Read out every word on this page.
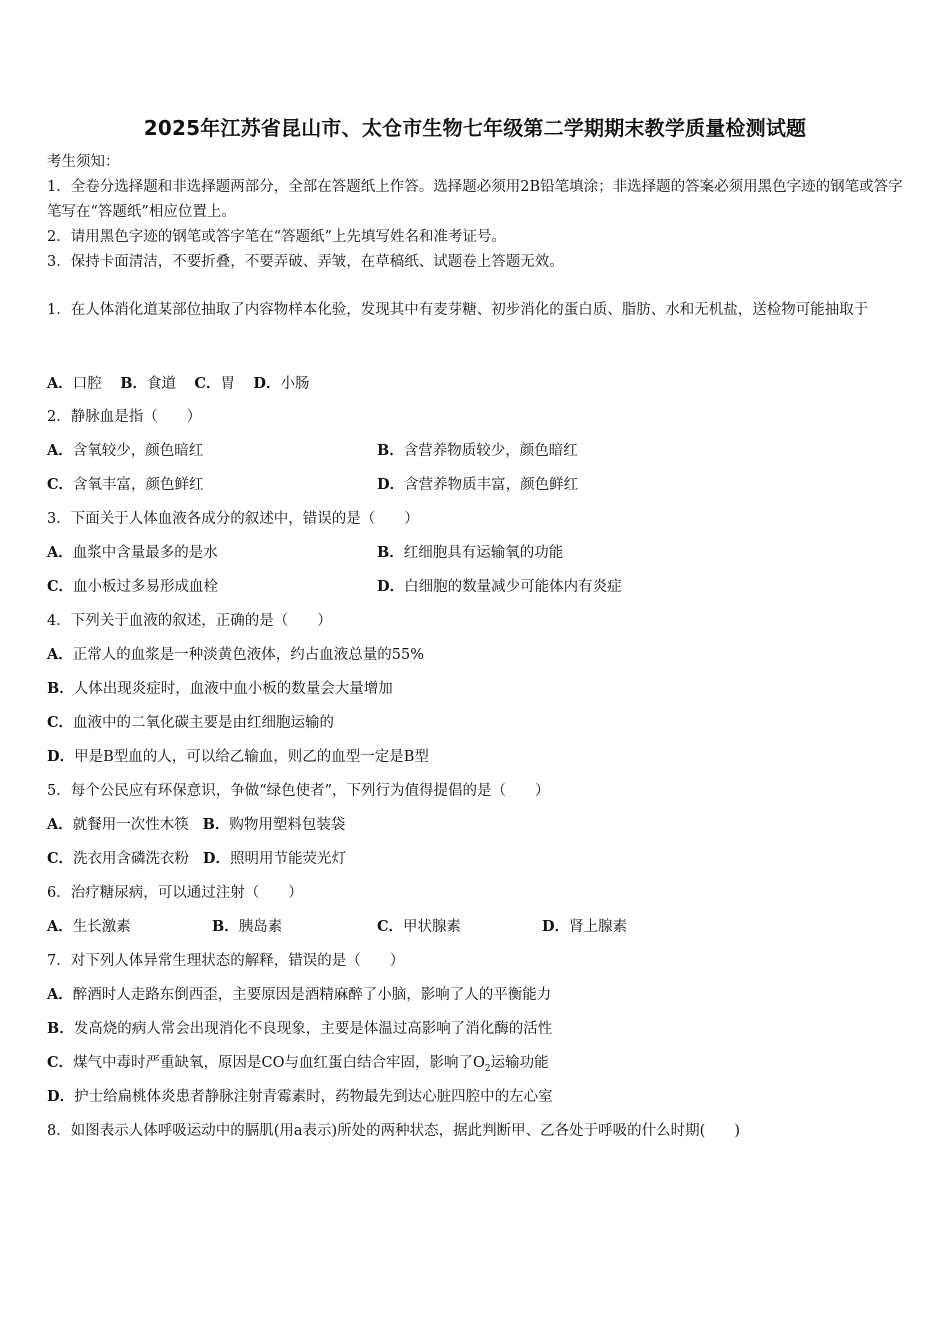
2025年江苏省昆山市、太仓市生物七年级第二学期期末教学质量检测试题
考生须知：
1．全卷分选择题和非选择题两部分，全部在答题纸上作答。选择题必须用2B铅笔填涂；非选择题的答案必须用黑色字迹的钢笔或答字笔写在“答题纸”相应位置上。
2．请用黑色字迹的钢笔或答字笔在“答题纸”上先填写姓名和准考证号。
3．保持卡面清洁，不要折叠，不要弄破、弄皱，在草稿纸、试题卷上答题无效。
1．在人体消化道某部位抽取了内容物样本化验，发现其中有麦芽糖、初步消化的蛋白质、脂肪、水和无机盐，送检物可能抽取于
A．口腔 B．食道 C．胃 D．小肠
2．静脉血是指（　　）
A．含氧较少，颜色暗红	B．含营养物质较少，颜色暗红
C．含氧丰富，颜色鲜红	D．含营养物质丰富，颜色鲜红
3．下面关于人体血液各成分的叙述中，错误的是（　　）
A．血浆中含量最多的是水	B．红细胞具有运输氧的功能
C．血小板过多易形成血栓	D．白细胞的数量减少可能体内有炎症
4．下列关于血液的叙述，正确的是（　　）
A．正常人的血浆是一种淡黄色液体，约占血液总量的55%
B．人体出现炎症时，血液中血小板的数量会大量增加
C．血液中的二氧化碳主要是由红细胞运输的
D．甲是B型血的人，可以给乙输血，则乙的血型一定是B型
5．每个公民应有环保意识，争做“绿色使者”，下列行为值得提倡的是（　　）
A．就餐用一次性木筷 B．购物用塑料包装袋
C．洗衣用含磷洗衣粉 D．照明用节能荧光灯
6．治疗糖尿病，可以通过注射（　　）
A．生长激素	B．胰岛素	C．甲状腺素	D．肾上腺素
7．对下列人体异常生理状态的解释，错误的是（　　）
A．醉酒时人走路东倒西歪，主要原因是酒精麻醉了小脑，影响了人的平衡能力
B．发高烧的病人常会出现消化不良现象，主要是体温过高影响了消化酶的活性
C．煤气中毒时严重缺氧，原因是CO与血红蛋白结合牢固，影响了$O_2$运输功能
D．护士给扁桃体炎患者静脉注射青霉素时，药物最先到达心脏四腔中的左心室
8．如图表示人体呼吸运动中的膈肌(用a表示)所处的两种状态，据此判断甲、乙各处于呼吸的什么时期(　　)
